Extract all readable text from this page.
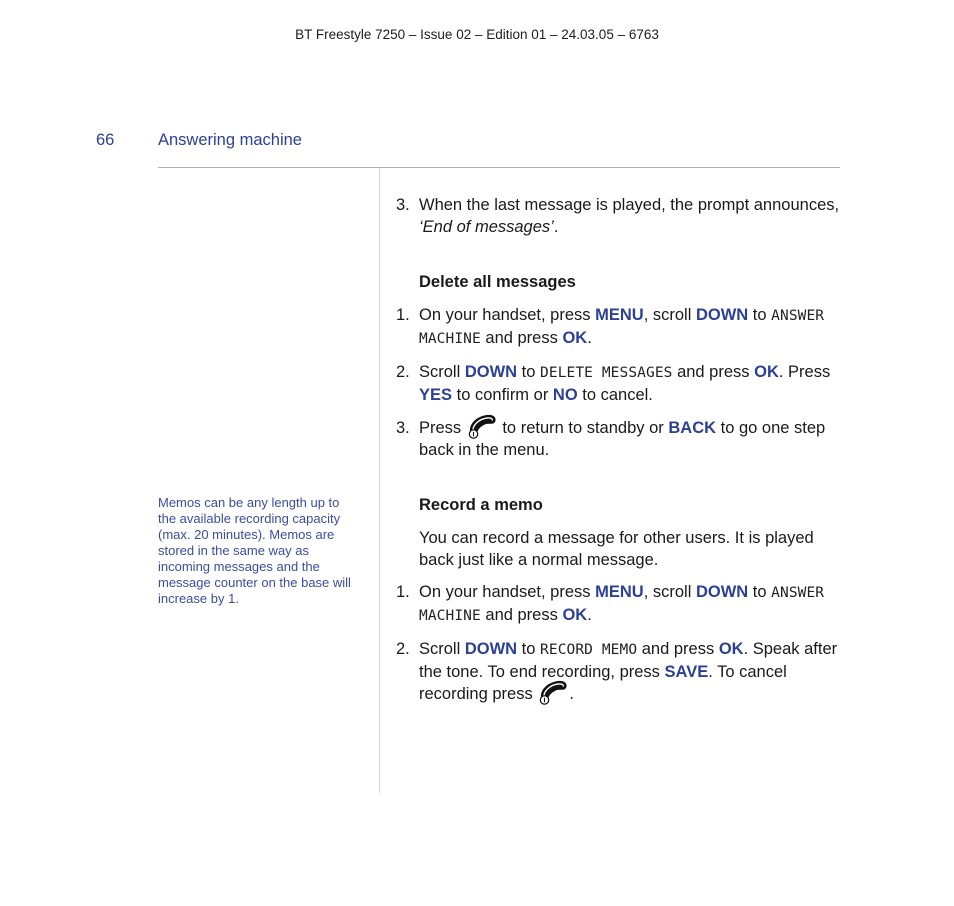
BT Freestyle 7250 – Issue 02 – Edition 01 – 24.03.05 – 6763
66	Answering machine
Memos can be any length up to the available recording capacity (max. 20 minutes). Memos are stored in the same way as incoming messages and the message counter on the base will increase by 1.
3. When the last message is played, the prompt announces, ‘End of messages’.
Delete all messages
1. On your handset, press MENU, scroll DOWN to ANSWER MACHINE and press OK.
2. Scroll DOWN to DELETE MESSAGES and press OK. Press YES to confirm or NO to cancel.
3. Press
to return to standby or BACK to go one step back in the menu.
Record a memo
You can record a message for other users. It is played back just like a normal message.
1. On your handset, press MENU, scroll DOWN to ANSWER MACHINE and press OK.
2. Scroll DOWN to RECORD MEMO and press OK. Speak after the tone. To end recording, press SAVE. To cancel recording press
.
